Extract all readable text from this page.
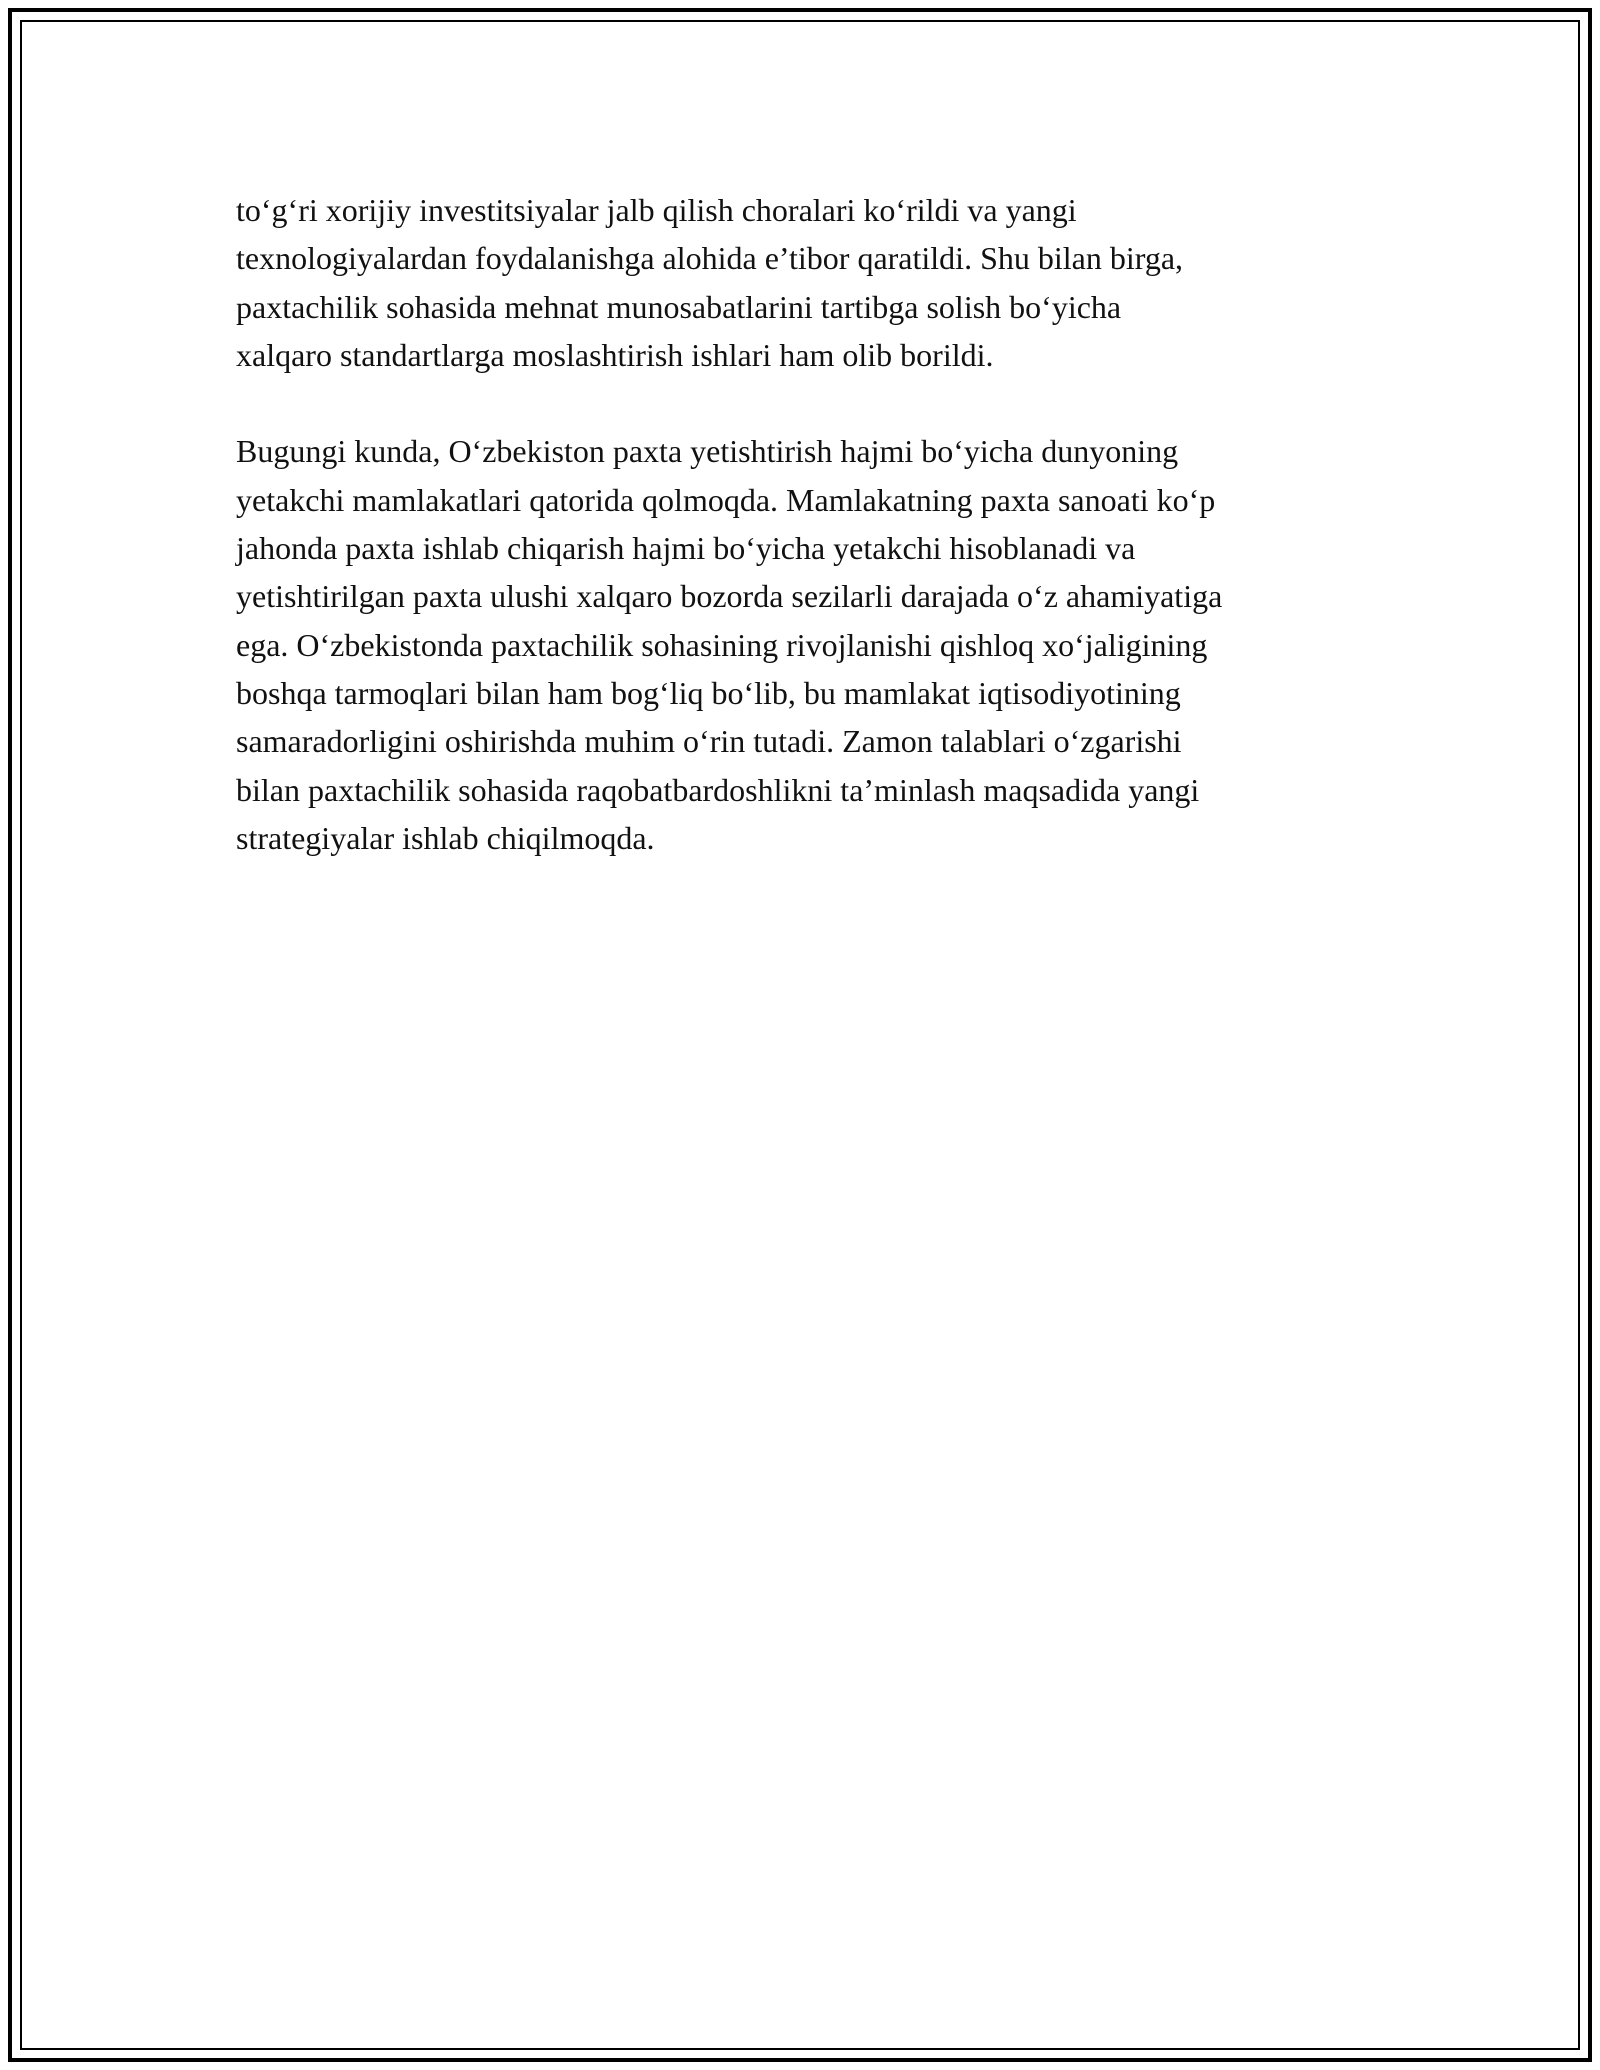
to‘g‘ri xorijiy investitsiyalar jalb qilish choralari ko‘rildi va yangi
texnologiyalardan foydalanishga alohida e’tibor qaratildi. Shu bilan birga,
paxtachilik sohasida mehnat munosabatlarini tartibga solish bo‘yicha
xalqaro standartlarga moslashtirish ishlari ham olib borildi.

Bugungi kunda, O‘zbekiston paxta yetishtirish hajmi bo‘yicha dunyoning
yetakchi mamlakatlari qatorida qolmoqda. Mamlakatning paxta sanoati ko‘p
jahonda paxta ishlab chiqarish hajmi bo‘yicha yetakchi hisoblanadi va
yetishtirilgan paxta ulushi xalqaro bozorda sezilarli darajada o‘z ahamiyatiga
ega. O‘zbekistonda paxtachilik sohasining rivojlanishi qishloq xo‘jaligining
boshqa tarmoqlari bilan ham bog‘liq bo‘lib, bu mamlakat iqtisodiyotining
samaradorligini oshirishda muhim o‘rin tutadi. Zamon talablari o‘zgarishi
bilan paxtachilik sohasida raqobatbardoshlikni ta’minlash maqsadida yangi
strategiyalar ishlab chiqilmoqda.
